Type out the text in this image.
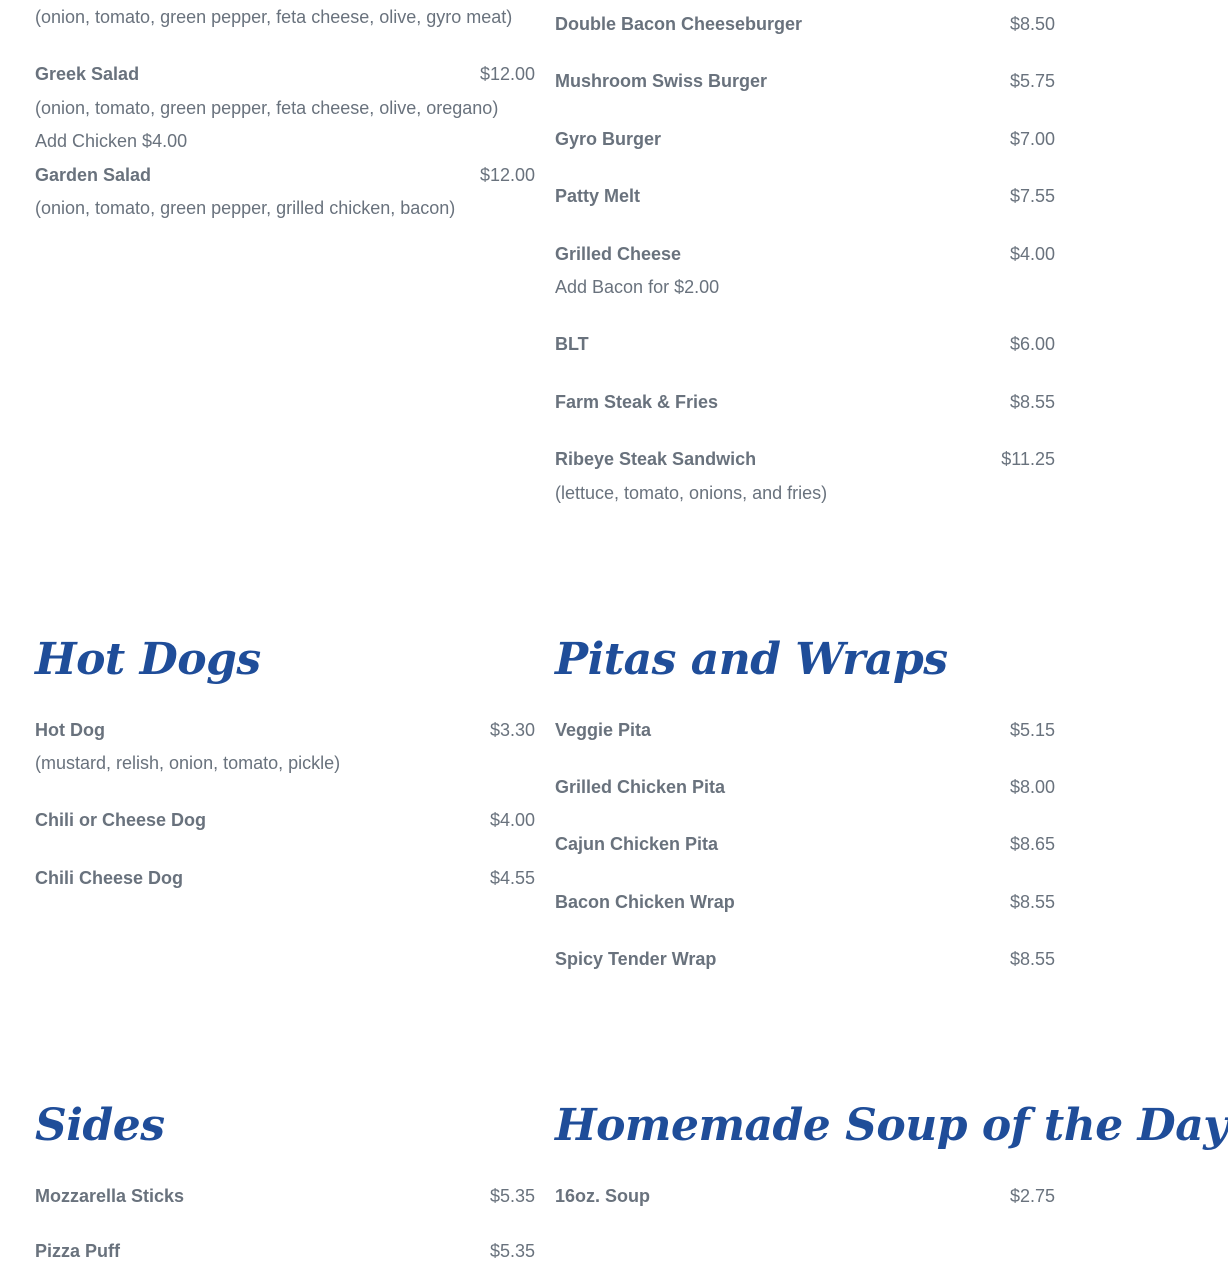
(onion, tomato, green pepper, feta cheese, olive, gyro meat)
Greek Salad	$12.00
(onion, tomato, green pepper, feta cheese, olive, oregano)
Add Chicken $4.00
Garden Salad	$12.00
(onion, tomato, green pepper, grilled chicken, bacon)
Double Bacon Cheeseburger	$8.50
Mushroom Swiss Burger	$5.75
Gyro Burger	$7.00
Patty Melt	$7.55
Grilled Cheese	$4.00
Add Bacon for $2.00
BLT	$6.00
Farm Steak & Fries	$8.55
Ribeye Steak Sandwich	$11.25
(lettuce, tomato, onions, and fries)
Hot Dogs
Hot Dog	$3.30
(mustard, relish, onion, tomato, pickle)
Chili or Cheese Dog	$4.00
Chili Cheese Dog	$4.55
Pitas and Wraps
Veggie Pita	$5.15
Grilled Chicken Pita	$8.00
Cajun Chicken Pita	$8.65
Bacon Chicken Wrap	$8.55
Spicy Tender Wrap	$8.55
Sides
Mozzarella Sticks	$5.35
Pizza Puff	$5.35
Homemade Soup of the Day
16oz. Soup	$2.75
